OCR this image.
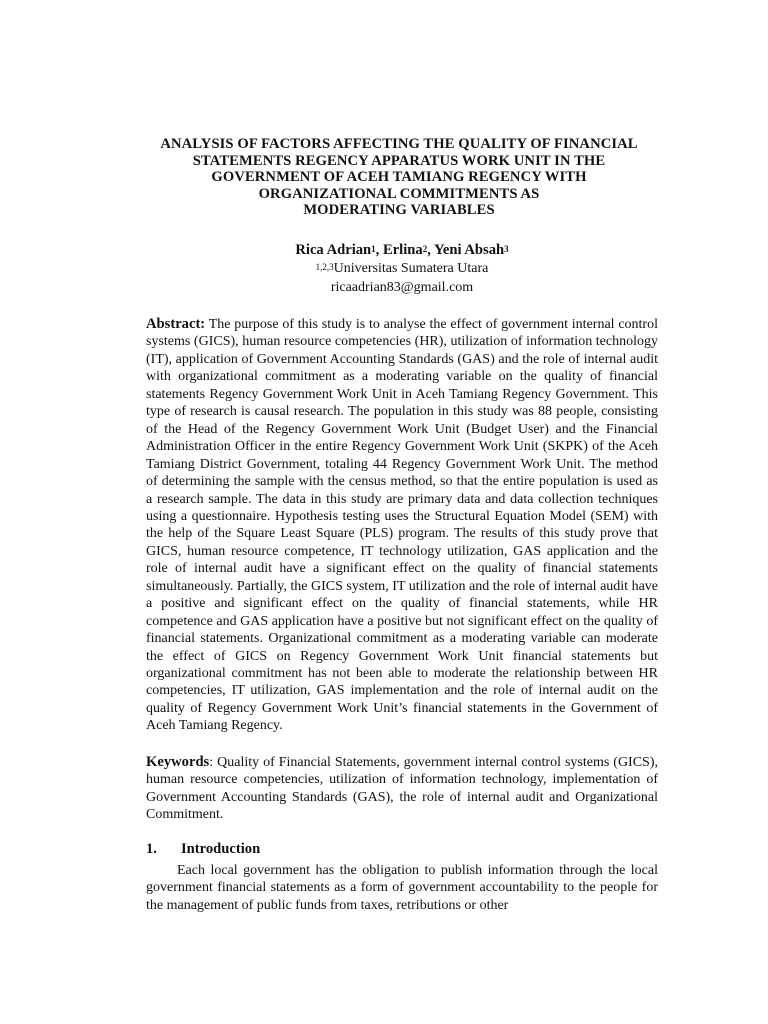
ANALYSIS OF FACTORS AFFECTING THE QUALITY OF FINANCIAL
STATEMENTS REGENCY APPARATUS WORK UNIT IN THE
GOVERNMENT OF ACEH TAMIANG REGENCY WITH
ORGANIZATIONAL COMMITMENTS AS
MODERATING VARIABLES
Rica Adrian$^1$, Erlina$^2$, Yeni Absah$^3$
$^{1,2,3}$Universitas Sumatera Utara
ricaadrian83@gmail.com

Abstract: The purpose of this study is to analyse the effect of government internal control systems (GICS), human resource competencies (HR), utilization of information technology (IT), application of Government Accounting Standards (GAS) and the role of internal audit with organizational commitment as a moderating variable on the quality of financial statements Regency Government Work Unit in Aceh Tamiang Regency Government. This type of research is causal research. The population in this study was 88 people, consisting of the Head of the Regency Government Work Unit (Budget User) and the Financial Administration Officer in the entire Regency Government Work Unit (SKPK) of the Aceh Tamiang District Government, totaling 44 Regency Government Work Unit. The method of determining the sample with the census method, so that the entire population is used as a research sample. The data in this study are primary data and data collection techniques using a questionnaire. Hypothesis testing uses the Structural Equation Model (SEM) with the help of the Square Least Square (PLS) program. The results of this study prove that GICS, human resource competence, IT technology utilization, GAS application and the role of internal audit have a significant effect on the quality of financial statements simultaneously. Partially, the GICS system, IT utilization and the role of internal audit have a positive and significant effect on the quality of financial statements, while HR competence and GAS application have a positive but not significant effect on the quality of financial statements. Organizational commitment as a moderating variable can moderate the effect of GICS on Regency Government Work Unit financial statements but organizational commitment has not been able to moderate the relationship between HR competencies, IT utilization, GAS implementation and the role of internal audit on the quality of Regency Government Work Unit’s financial statements in the Government of Aceh Tamiang Regency.

Keywords: Quality of Financial Statements, government internal control systems (GICS), human resource competencies, utilization of information technology, implementation of Government Accounting Standards (GAS), the role of internal audit and Organizational Commitment.

1.	Introduction

Each local government has the obligation to publish information through the local government financial statements as a form of government accountability to the people for the management of public funds from taxes, retributions or other
